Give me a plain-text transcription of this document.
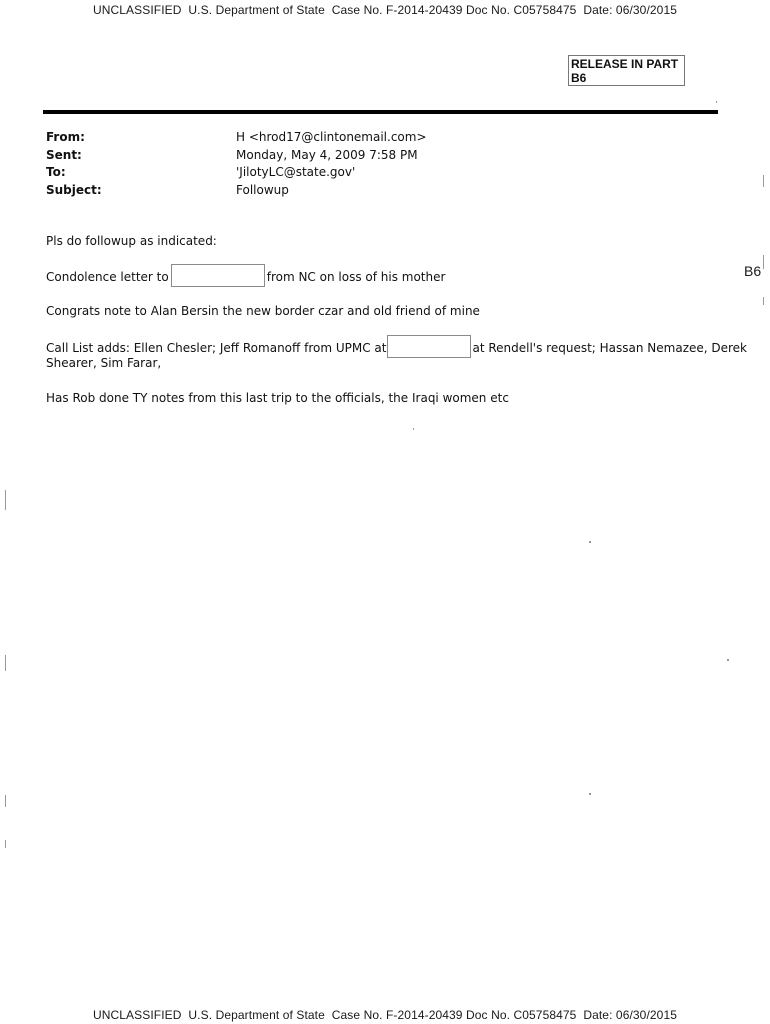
UNCLASSIFIED  U.S. Department of State  Case No. F-2014-20439 Doc No. C05758475  Date: 06/30/2015
RELEASE IN PART
B6
From:	H <hrod17@clintonemail.com>
Sent:	Monday, May 4, 2009 7:58 PM
To:	'JilotyLC@state.gov'
Subject:	Followup
Pls do followup as indicated:
Condolence letter to	from NC on loss of his mother
Congrats note to Alan Bersin the new border czar and old friend of mine
Call List adds: Ellen Chesler; Jeff Romanoff from UPMC at	at Rendell's request; Hassan Nemazee, Derek
Shearer, Sim Farar,
Has Rob done TY notes from this last trip to the officials, the Iraqi women etc
B6
UNCLASSIFIED  U.S. Department of State  Case No. F-2014-20439 Doc No. C05758475  Date: 06/30/2015
